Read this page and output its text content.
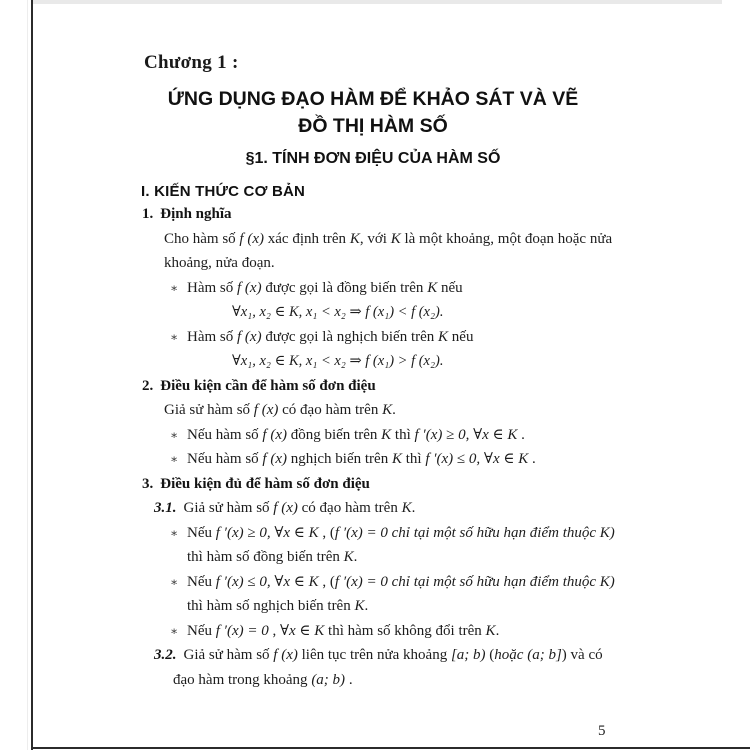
Chương 1 :
ỨNG DỤNG ĐẠO HÀM ĐỂ KHẢO SÁT VÀ VẼ
ĐỒ THỊ HÀM SỐ
§1. TÍNH ĐƠN ĐIỆU CỦA HÀM SỐ
I. KIẾN THỨC CƠ BẢN
1. Định nghĩa
Cho hàm số f (x) xác định trên K, với K là một khoảng, một đoạn hoặc nửa
khoảng, nửa đoạn.
∗ Hàm số f (x) được gọi là đồng biến trên K nếu
∀x₁, x₂ ∈ K, x₁ < x₂ ⇒ f (x₁) < f (x₂).
∗ Hàm số f (x) được gọi là nghịch biến trên K nếu
∀x₁, x₂ ∈ K, x₁ < x₂ ⇒ f (x₁) > f (x₂).
2. Điều kiện cần để hàm số đơn điệu
Giả sử hàm số f (x) có đạo hàm trên K.
∗ Nếu hàm số f (x) đồng biến trên K thì f ′(x) ≥ 0, ∀x ∈ K .
∗ Nếu hàm số f (x) nghịch biến trên K thì f ′(x) ≤ 0, ∀x ∈ K .
3. Điều kiện đủ để hàm số đơn điệu
3.1. Giả sử hàm số f (x) có đạo hàm trên K.
∗ Nếu f ′(x) ≥ 0, ∀x ∈ K , (f ′(x) = 0 chỉ tại một số hữu hạn điểm thuộc K)
thì hàm số đồng biến trên K.
∗ Nếu f ′(x) ≤ 0, ∀x ∈ K , (f ′(x) = 0 chỉ tại một số hữu hạn điểm thuộc K)
thì hàm số nghịch biến trên K.
∗ Nếu f ′(x) = 0 , ∀x ∈ K thì hàm số không đổi trên K.
3.2. Giả sử hàm số f (x) liên tục trên nửa khoảng [a; b) (hoặc (a; b]) và có
đạo hàm trong khoảng (a; b) .
5
